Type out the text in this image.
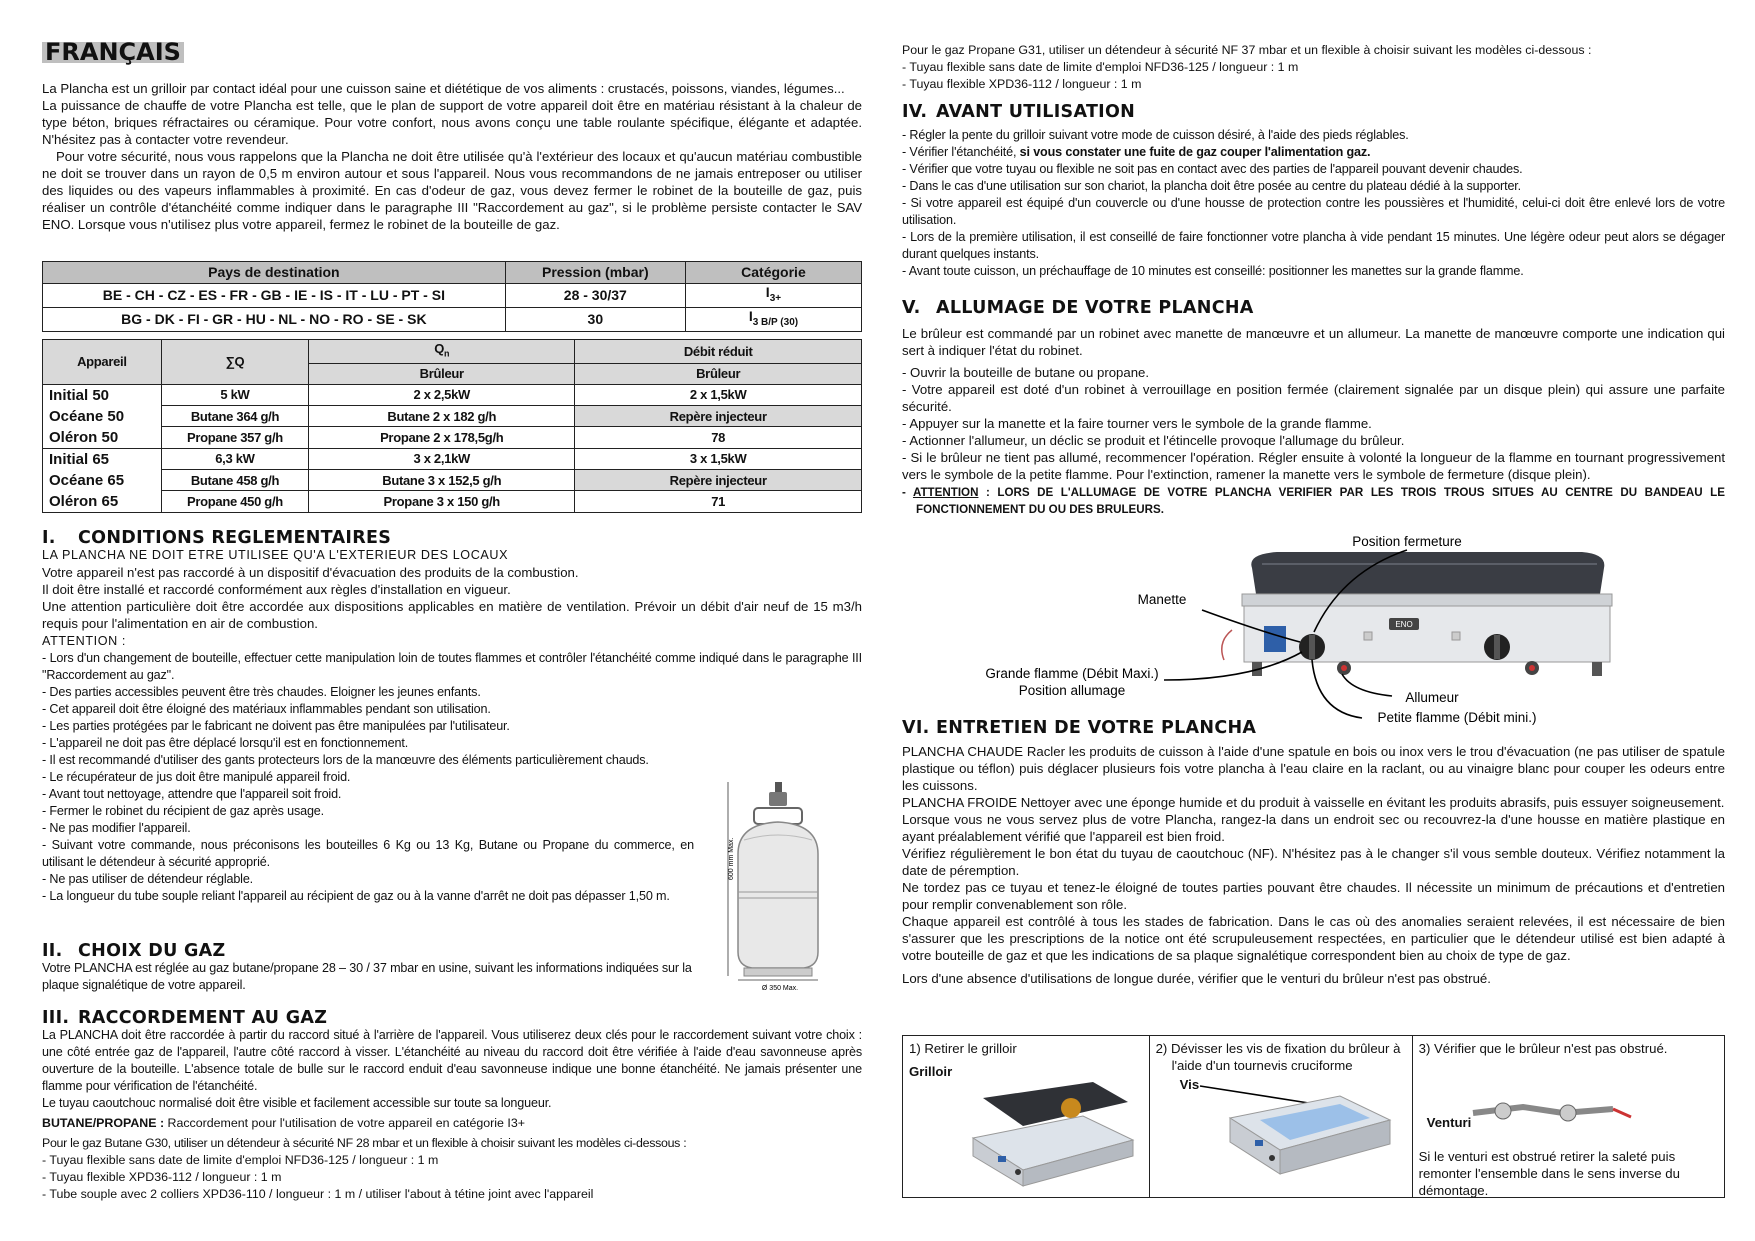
FRANÇAIS

La Plancha est un grilloir par contact idéal pour une cuisson saine et diététique de vos aliments : crustacés, poissons, viandes, légumes...

La puissance de chauffe de votre Plancha est telle, que le plan de support de votre appareil doit être en matériau résistant à la chaleur de type béton, briques réfractaires ou céramique. Pour votre confort, nous avons conçu une table roulante spécifique, élégante et adaptée. N'hésitez pas à contacter votre revendeur.

Pour votre sécurité, nous vous rappelons que la Plancha ne doit être utilisée qu'à l'extérieur des locaux et qu'aucun matériau combustible ne doit se trouver dans un rayon de 0,5 m environ autour et sous l'appareil. Nous vous recommandons de ne jamais entreposer ou utiliser des liquides ou des vapeurs inflammables à proximité. En cas d'odeur de gaz, vous devez fermer le robinet de la bouteille de gaz, puis réaliser un contrôle d'étanchéité comme indiquer dans le paragraphe III "Raccordement au gaz", si le problème persiste contacter le SAV ENO. Lorsque vous n'utilisez plus votre appareil, fermez le robinet de la bouteille de gaz.

Pays de destination	Pression (mbar)	Catégorie
BE - CH - CZ - ES - FR - GB - IE - IS - IT - LU - PT - SI	28 - 30/37	$I_{3+}$
BG - DK - FI - GR - HU - NL - NO - RO - SE - SK	30	$I_{3 B/P (30)}$
Appareil	∑Q	$Q_n$	Débit réduit
		Brûleur	Brûleur

Initial 50
Océane 50
Oléron 50	5 kW	2 x 2,5kW	2 x 1,5kW
	Butane 364 g/h	Butane 2 x 182 g/h	Repère injecteur
	Propane 357 g/h	Propane 2 x 178,5g/h	78

Initial 65
Océane 65
Oléron 65	6,3 kW	3 x 2,1kW	3 x 1,5kW
	Butane 458 g/h	Butane 3 x 152,5 g/h	Repère injecteur
	Propane 450 g/h	Propane 3 x 150 g/h	71
I. CONDITIONS REGLEMENTAIRES

LA PLANCHA NE DOIT ETRE UTILISEE QU'A L'EXTERIEUR DES LOCAUX

Votre appareil n'est pas raccordé à un dispositif d'évacuation des produits de la combustion.

Il doit être installé et raccordé conformément aux règles d'installation en vigueur.

Une attention particulière doit être accordée aux dispositions applicables en matière de ventilation. Prévoir un débit d'air neuf de 15 m3/h requis pour l'alimentation en air de combustion.

ATTENTION :

- Lors d'un changement de bouteille, effectuer cette manipulation loin de toutes flammes et contrôler l'étanchéité comme indiqué dans le paragraphe III "Raccordement au gaz".

- Des parties accessibles peuvent être très chaudes. Eloigner les jeunes enfants.

- Cet appareil doit être éloigné des matériaux inflammables pendant son utilisation.

- Les parties protégées par le fabricant ne doivent pas être manipulées par l'utilisateur.

- L'appareil ne doit pas être déplacé lorsqu'il est en fonctionnement.

- Il est recommandé d'utiliser des gants protecteurs lors de la manœuvre des éléments particulièrement chauds.

- Le récupérateur de jus doit être manipulé appareil froid.

- Avant tout nettoyage, attendre que l'appareil soit froid.

- Fermer le robinet du récipient de gaz après usage.

- Ne pas modifier l'appareil.

- Suivant votre commande, nous préconisons les bouteilles 6 Kg ou 13 Kg, Butane ou Propane du commerce, en utilisant le détendeur à sécurité approprié.

- Ne pas utiliser de détendeur réglable.

- La longueur du tube souple reliant l'appareil au récipient de gaz ou à la vanne d'arrêt ne doit pas dépasser 1,50 m.

600 mm Max.
Ø 350 Max.
II. CHOIX DU GAZ

Votre PLANCHA est réglée au gaz butane/propane 28 – 30 / 37 mbar en usine, suivant les informations indiquées sur la plaque signalétique de votre appareil.

III. RACCORDEMENT AU GAZ

La PLANCHA doit être raccordée à partir du raccord situé à l'arrière de l'appareil. Vous utiliserez deux clés pour le raccordement suivant votre choix : une côté entrée gaz de l'appareil, l'autre côté raccord à visser. L'étanchéité au niveau du raccord doit être vérifiée à l'aide d'eau savonneuse après ouverture de la bouteille. L'absence totale de bulle sur le raccord enduit d'eau savonneuse indique une bonne étanchéité. Ne jamais présenter une flamme pour vérification de l'étanchéité.

Le tuyau caoutchouc normalisé doit être visible et facilement accessible sur toute sa longueur.

BUTANE/PROPANE : Raccordement pour l'utilisation de votre appareil en catégorie I3+

Pour le gaz Butane G30, utiliser un détendeur à sécurité NF 28 mbar et un flexible à choisir suivant les modèles ci-dessous :

- Tuyau flexible sans date de limite d'emploi NFD36-125 / longueur : 1 m

- Tuyau flexible XPD36-112 / longueur : 1 m

- Tube souple avec 2 colliers XPD36-110 / longueur : 1 m / utiliser l'about à tétine joint avec l'appareil

Pour le gaz Propane G31, utiliser un détendeur à sécurité NF 37 mbar et un flexible à choisir suivant les modèles ci-dessous :

- Tuyau flexible sans date de limite d'emploi NFD36-125 / longueur : 1 m

- Tuyau flexible XPD36-112 / longueur : 1 m

IV. AVANT UTILISATION

- Régler la pente du grilloir suivant votre mode de cuisson désiré, à l'aide des pieds réglables.

- Vérifier l'étanchéité, si vous constater une fuite de gaz couper l'alimentation gaz.

- Vérifier que votre tuyau ou flexible ne soit pas en contact avec des parties de l'appareil pouvant devenir chaudes.

- Dans le cas d'une utilisation sur son chariot, la plancha doit être posée au centre du plateau dédié à la supporter.

- Si votre appareil est équipé d'un couvercle ou d'une housse de protection contre les poussières et l'humidité, celui-ci doit être enlevé lors de votre utilisation.

- Lors de la première utilisation, il est conseillé de faire fonctionner votre plancha à vide pendant 15 minutes. Une légère odeur peut alors se dégager durant quelques instants.

- Avant toute cuisson, un préchauffage de 10 minutes est conseillé: positionner les manettes sur la grande flamme.

V. ALLUMAGE DE VOTRE PLANCHA

Le brûleur est commandé par un robinet avec manette de manœuvre et un allumeur. La manette de manœuvre comporte une indication qui sert à indiquer l'état du robinet.

- Ouvrir la bouteille de butane ou propane.

- Votre appareil est doté d'un robinet à verrouillage en position fermée (clairement signalée par un disque plein) qui assure une parfaite sécurité.

- Appuyer sur la manette et la faire tourner vers le symbole de la grande flamme.

- Actionner l'allumeur, un déclic se produit et l'étincelle provoque l'allumage du brûleur.

- Si le brûleur ne tient pas allumé, recommencer l'opération. Régler ensuite à volonté la longueur de la flamme en tournant progressivement vers le symbole de la petite flamme. Pour l'extinction, ramener la manette vers le symbole de fermeture (disque plein).

- ATTENTION : LORS DE L'ALLUMAGE DE VOTRE PLANCHA VERIFIER PAR LES TROIS TROUS SITUES AU CENTRE DU BANDEAU LE FONCTIONNEMENT DU OU DES BRULEURS.

ENO
Position fermeture
Manette
Grande flamme (Débit Maxi.)
Position allumage	Allumeur
Petite flamme (Débit mini.)
VI. ENTRETIEN DE VOTRE PLANCHA

PLANCHA CHAUDE Racler les produits de cuisson à l'aide d'une spatule en bois ou inox vers le trou d'évacuation (ne pas utiliser de spatule plastique ou téflon) puis déglacer plusieurs fois votre plancha à l'eau claire en la raclant, ou au vinaigre blanc pour couper les odeurs entre les cuissons.

PLANCHA FROIDE Nettoyer avec une éponge humide et du produit à vaisselle en évitant les produits abrasifs, puis essuyer soigneusement.

Lorsque vous ne vous servez plus de votre Plancha, rangez-la dans un endroit sec ou recouvrez-la d'une housse en matière plastique en ayant préalablement vérifié que l'appareil est bien froid.

Vérifiez régulièrement le bon état du tuyau de caoutchouc (NF). N'hésitez pas à le changer s'il vous semble douteux. Vérifiez notamment la date de péremption.

Ne tordez pas ce tuyau et tenez-le éloigné de toutes parties pouvant être chaudes. Il nécessite un minimum de précautions et d'entretien pour remplir convenablement son rôle.

Chaque appareil est contrôlé à tous les stades de fabrication. Dans le cas où des anomalies seraient relevées, il est nécessaire de bien s'assurer que les prescriptions de la notice ont été scrupuleusement respectées, en particulier que le détendeur utilisé est bien adapté à votre bouteille de gaz et que les indications de sa plaque signalétique correspondent bien au choix de type de gaz.

Lors d'une absence d'utilisations de longue durée, vérifier que le venturi du brûleur n'est pas obstrué.

1) Retirer le grilloir
Grilloir

2) Dévisser les vis de fixation du brûleur à l'aide d'un tournevis cruciforme
Vis

3) Vérifier que le brûleur n'est pas obstrué.
Venturi
Si le venturi est obstrué retirer la saleté puis remonter l'ensemble dans le sens inverse du démontage.
